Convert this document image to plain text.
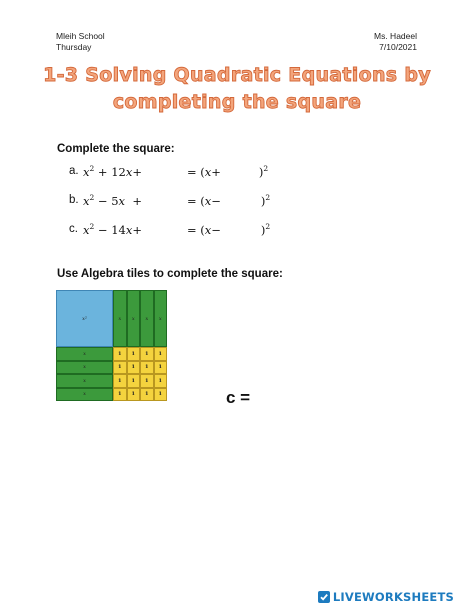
Mleih School
Thursday
Ms. Hadeel
7/10/2021
1-3 Solving Quadratic Equations by
completing the square
Complete the square:
a. $x^2 + 12x+$	= (x+	)$^2$
b. $x^2 - 5x$  +	= (x−	)$^2$
c. $x^2 - 14x+$	= (x−	)$^2$
Use Algebra tiles to complete the square:
x²	x	x	x	x
x
x
x
x
1	1	1	1
1	1	1	1
1	1	1	1
1	1	1	1	c =
LIVEWORKSHEETS
